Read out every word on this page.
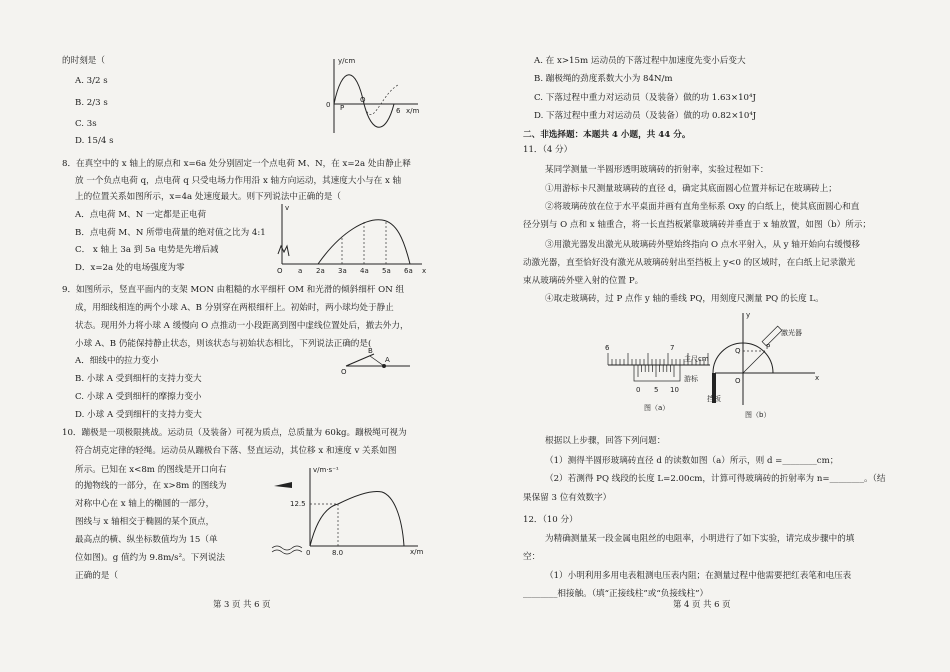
的时刻是（
A. 3/2 s
B. 2/3 s
C. 3s
D. 15/4 s
y/cm
x/m
0 P
Q
6
8．在真空中的 x 轴上的原点和 x=6a 处分别固定一个点电荷 M、N，在 x=2a 处由静止释
放 一个负点电荷 q，点电荷 q 只受电场力作用沿 x 轴方向运动，其速度大小与在 x 轴
上的位置关系如图所示，x=4a 处速度最大。则下列说法中正确的是（
A．点电荷 M、N 一定都是正电荷
B．点电荷 M、N 所带电荷量的绝对值之比为 4:1
C． x 轴上 3a 到 5a 电势是先增后减
D．x=2a 处的电场强度为零
v
O a 2a 3a 4a 5a 6a x
9．如图所示，竖直平面内的支架 MON 由粗糙的水平细杆 OM 和光滑的倾斜细杆 ON 组
成，用细线相连的两个小球 A、B 分别穿在两根细杆上。初始时，两小球均处于静止
状态。现用外力将小球 A 缓慢向 O 点推动一小段距离到图中虚线位置处后，撤去外力，
小球 A、B 仍能保持静止状态，则该状态与初始状态相比，下列说法正确的是(
A．细线中的拉力变小
B. 小球 A 受到细杆的支持力变大
C. 小球 A 受到细杆的摩擦力变小
D. 小球 A 受到细杆的支持力变大
O
A
B
10．蹦极是一项极限挑战。运动员（及装备）可视为质点，总质量为 60kg。蹦极绳可视为
符合胡克定律的轻绳。运动员从蹦极台下落、竖直运动，其位移 x 和速度 v 关系如图
所示。已知在 x<8m 的图线是开口向右
的抛物线的一部分，在 x>8m 的图线为
对称中心在 x 轴上的椭圆的一部分，
图线与 x 轴相交于椭圆的某个顶点，
最高点的横、纵坐标数值均为 15（单
位如图)。g 值约为 9.8m/s²。下列说法
正确的是（
v/m·s⁻¹
x/m
12.5
0	8.0
第 3 页 共 6 页
A. 在 x>15m 运动员的下落过程中加速度先变小后变大
B. 蹦极绳的劲度系数大小为 84N/m
C. 下落过程中重力对运动员（及装备）做的功 1.63×10⁴J
D. 下落过程中重力对运动员（及装备）做的功 0.82×10⁴J
二、非选择题：本题共 4 小题，共 44 分。
11．（4 分）
某同学测量一半圆形透明玻璃砖的折射率，实验过程如下：
①用游标卡尺测量玻璃砖的直径 d，确定其底面圆心位置并标记在玻璃砖上；
②将玻璃砖放在位于水平桌面并画有直角坐标系 Oxy 的白纸上，使其底面圆心和直
径分别与 O 点和 x 轴重合，将一长直挡板紧靠玻璃砖并垂直于 x 轴放置，如图（b）所示；
③用激光器发出激光从玻璃砖外壁始终指向 O 点水平射入，从 y 轴开始向右缓慢移
动激光器，直至恰好没有激光从玻璃砖射出至挡板上 y<0 的区域时，在白纸上记录激光
束从玻璃砖外壁入射的位置 P。
④取走玻璃砖，过 P 点作 y 轴的垂线 PQ，用刻度尺测量 PQ 的长度 L。
6	7
主尺cm
游标
0 5 10
图（a）
y
x
O
P
Q
激光器
挡板
图（b）
根据以上步骤，回答下列问题：
（1）测得半圆形玻璃砖直径 d 的读数如图（a）所示，则 d =________cm；
（2）若测得 PQ 线段的长度 L=2.00cm，计算可得玻璃砖的折射率为 n=________。（结
果保留 3 位有效数字）
12．（10 分）
为精确测量某一段金属电阻丝的电阻率，小明进行了如下实验，请完成步骤中的填
空：
（1）小明利用多用电表粗测电压表内阻；在测量过程中他需要把红表笔和电压表
________相接触。（填“正接线柱”或“负接线柱”）
第 4 页 共 6 页
